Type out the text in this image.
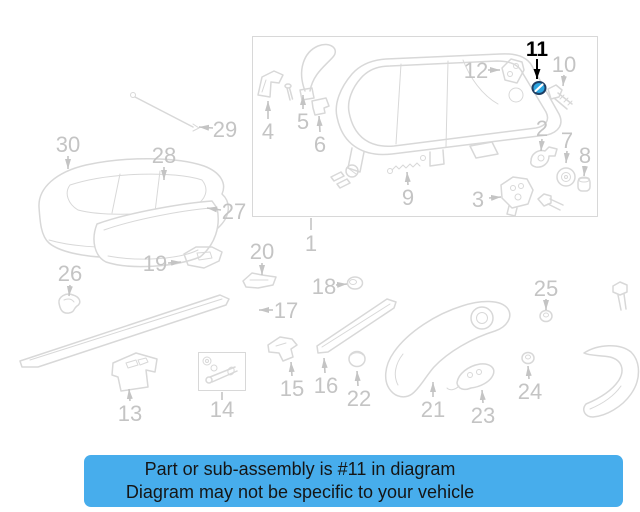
11
12	10
5
4
6
2 7
8
9	3
1
29
30	28
27
26	19	20
18
17
15 16
22
14
13	21 23
24
25
Part or sub-assembly is #11 in diagram
Diagram may not be specific to your vehicle
